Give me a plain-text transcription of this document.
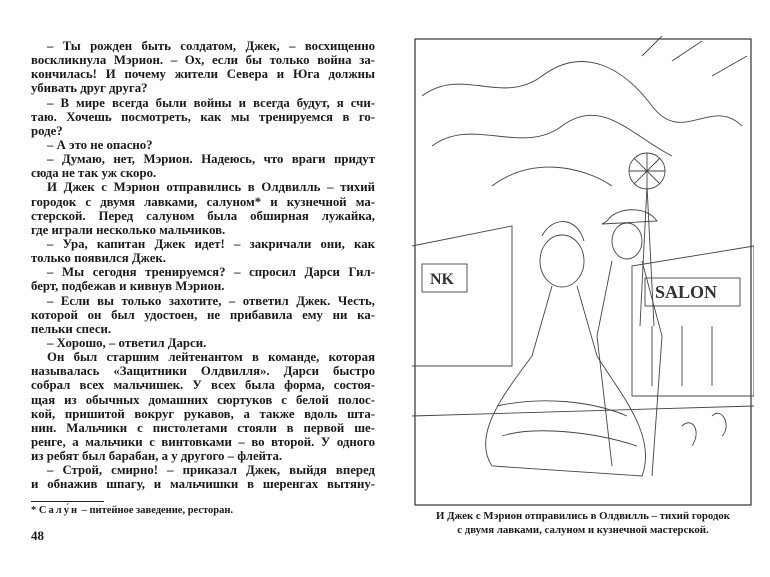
– Ты рожден быть солдатом, Джек, – восхищенно
воскликнула Мэрион. – Ох, если бы только война за-
кончилась! И почему жители Севера и Юга должны
убивать друг друга?
– В мире всегда были войны и всегда будут, я счи-
таю. Хочешь посмотреть, как мы тренируемся в го-
роде?
– А это не опасно?
– Думаю, нет, Мэрион. Надеюсь, что враги придут
сюда не так уж скоро.
И Джек с Мэрион отправились в Олдвилль – тихий
городок с двумя лавками, салуном* и кузнечной ма-
стерской. Перед салуном была обширная лужайка,
где играли несколько мальчиков.
– Ура, капитан Джек идет! – закричали они, как
только появился Джек.
– Мы сегодня тренируемся? – спросил Дарси Гил-
берт, подбежав и кивнув Мэрион.
– Если вы только захотите, – ответил Джек. Честь,
которой он был удостоен, не прибавила ему ни ка-
пельки спеси.
– Хорошо, – ответил Дарси.
Он был старшим лейтенантом в команде, которая
называлась «Защитники Олдвилля». Дарси быстро
собрал всех мальчишек. У всех была форма, состоя-
щая из обычных домашних сюртуков с белой полос-
кой, пришитой вокруг рукавов, а также вдоль шта-
нин. Мальчики с пистолетами стояли в первой ше-
ренге, а мальчики с винтовками – во второй. У одного
из ребят был барабан, а у другого – флейта.
– Строй, смирно! – приказал Джек, выйдя вперед
и обнажив шпагу, и мальчишки в шеренгах вытяну-
* Салу́н – питейное заведение, ресторан.
48
NK
SALON
И Джек с Мэрион отправились в Олдвилль – тихий городок
с двумя лавками, салуном и кузнечной мастерской.
